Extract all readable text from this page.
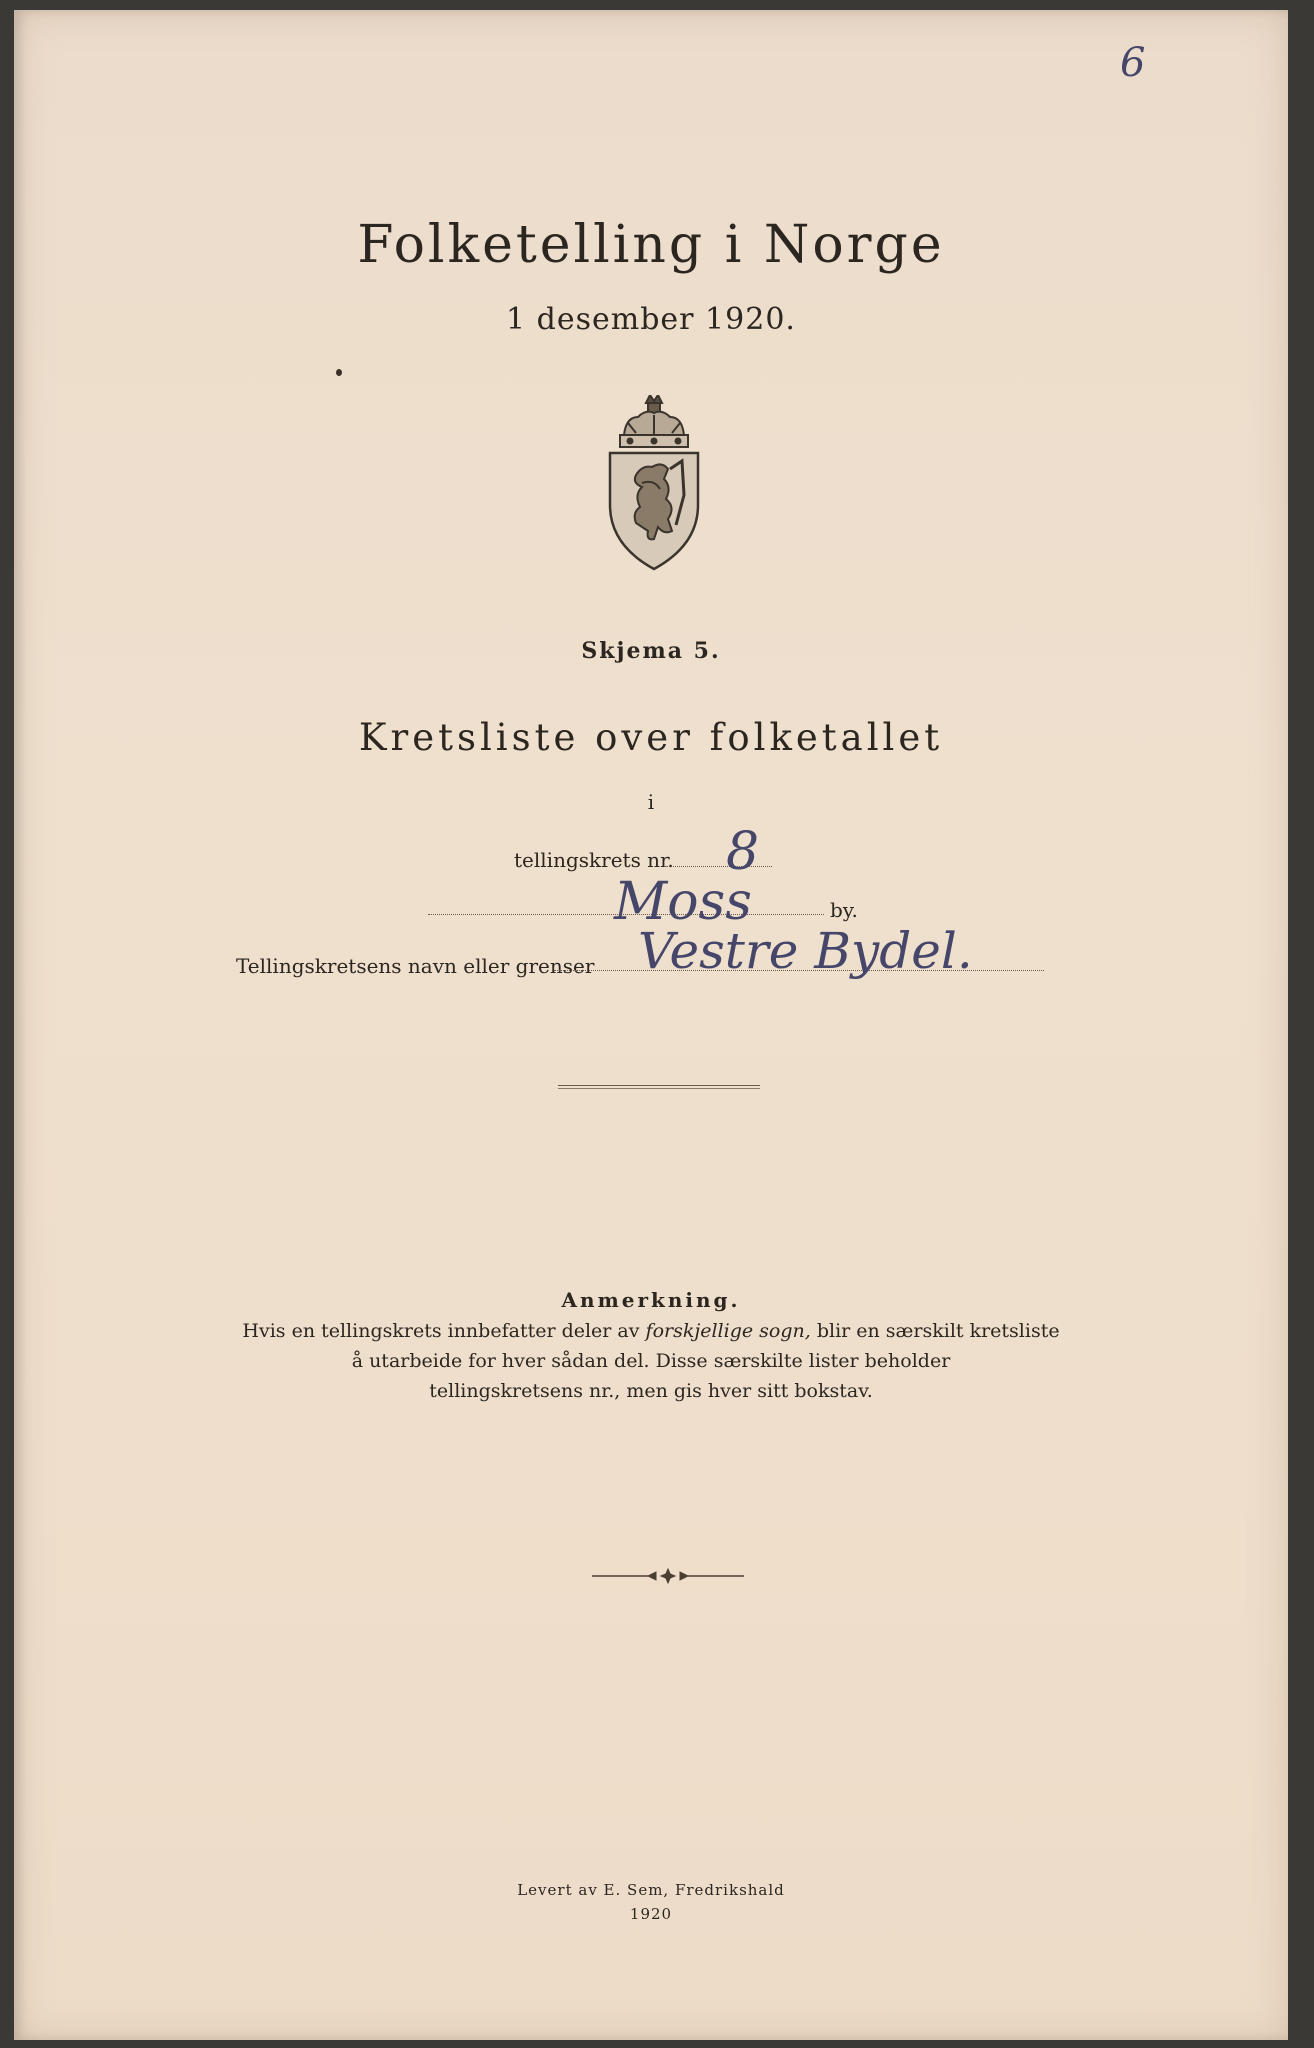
6
Folketelling i Norge
1 desember 1920.
Skjema 5.
Kretsliste over folketallet
i
tellingskrets nr. 8
Moss	by.
Tellingskretsens navn eller grenser Vestre Bydel.
Anmerkning.
Hvis en tellingskrets innbefatter deler av forskjellige sogn, blir en særskilt kretsliste
å utarbeide for hver sådan del. Disse særskilte lister beholder
tellingskretsens nr., men gis hver sitt bokstav.
Levert av E. Sem, Fredrikshald
1920
